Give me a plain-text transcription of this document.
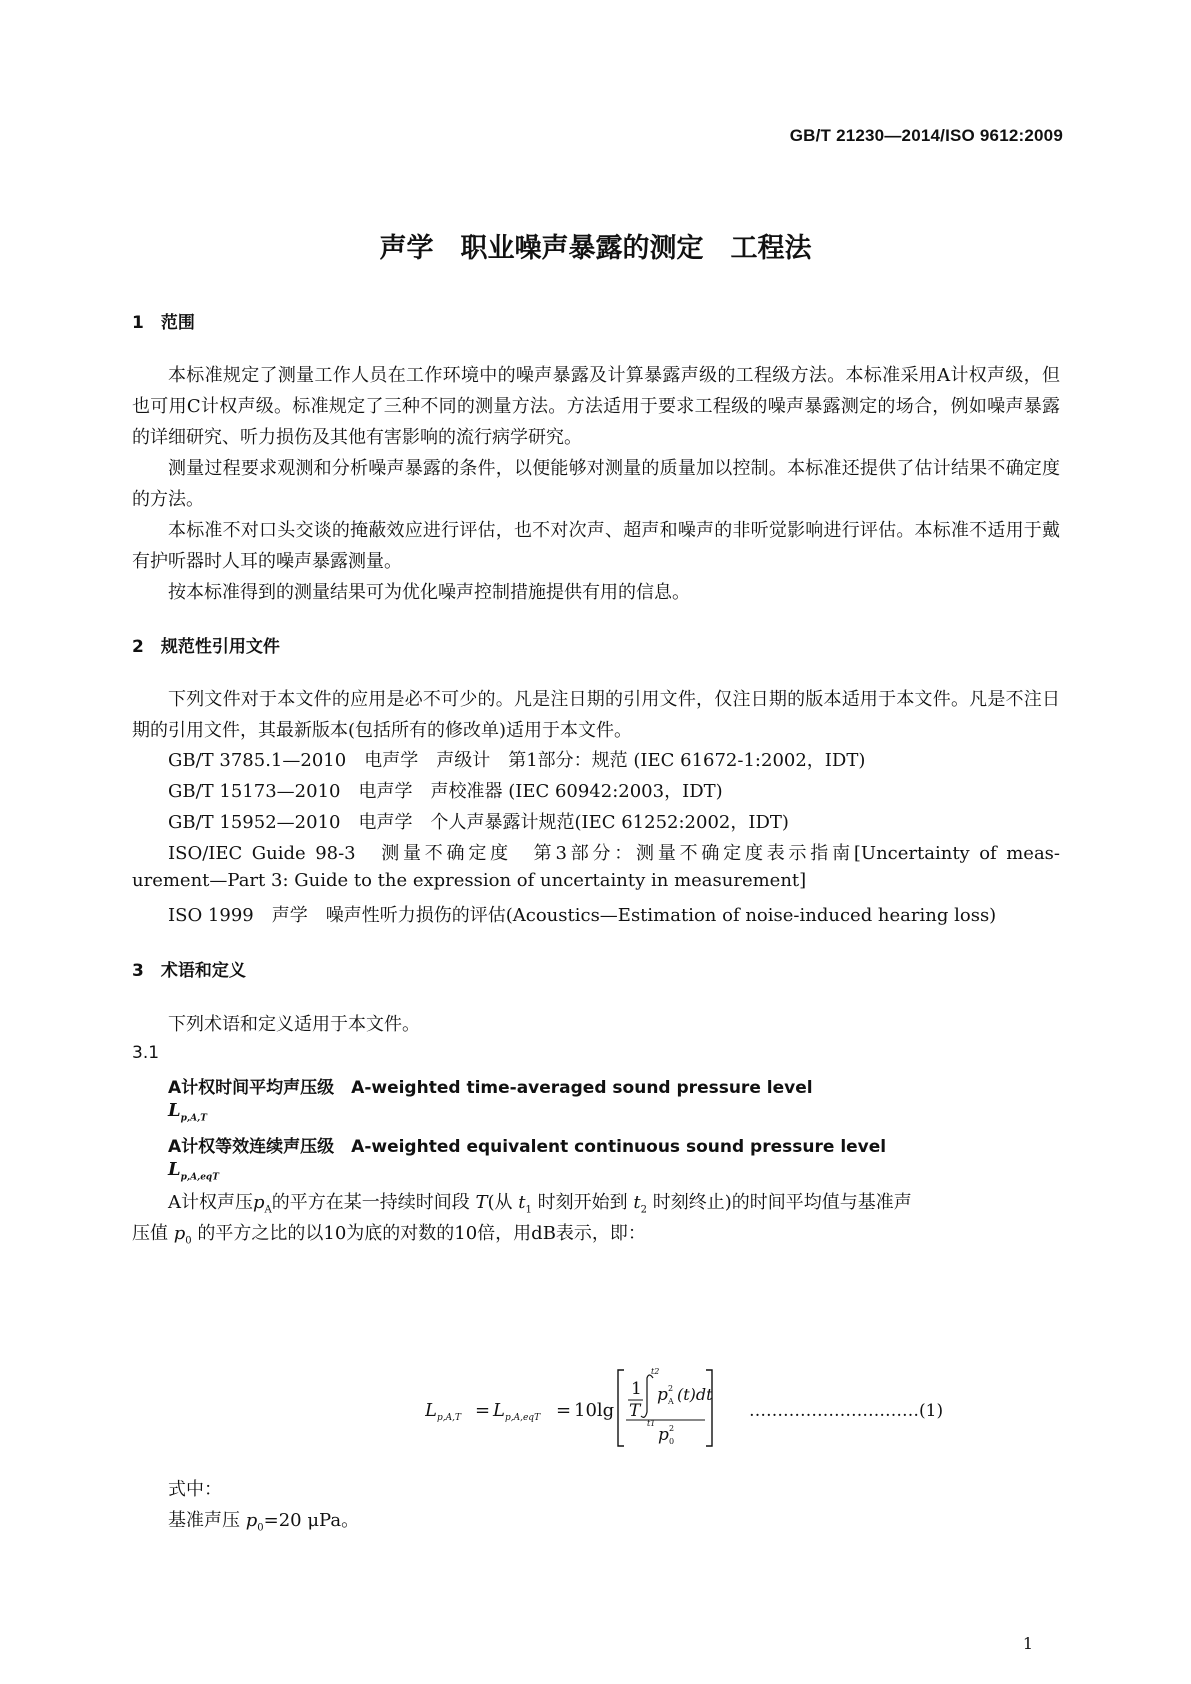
GB/T 21230—2014/ISO 9612:2009
声学　职业噪声暴露的测定　工程法
1　范围
本标准规定了测量工作人员在工作环境中的噪声暴露及计算暴露声级的工程级方法。本标准采用A计权声级，但也可用C计权声级。标准规定了三种不同的测量方法。方法适用于要求工程级的噪声暴露测定的场合，例如噪声暴露的详细研究、听力损伤及其他有害影响的流行病学研究。
测量过程要求观测和分析噪声暴露的条件，以便能够对测量的质量加以控制。本标准还提供了估计结果不确定度的方法。
本标准不对口头交谈的掩蔽效应进行评估，也不对次声、超声和噪声的非听觉影响进行评估。本标准不适用于戴有护听器时人耳的噪声暴露测量。
按本标准得到的测量结果可为优化噪声控制措施提供有用的信息。
2　规范性引用文件
下列文件对于本文件的应用是必不可少的。凡是注日期的引用文件，仅注日期的版本适用于本文件。凡是不注日期的引用文件，其最新版本(包括所有的修改单)适用于本文件。
GB/T 3785.1—2010　电声学　声级计　第1部分：规范 (IEC 61672-1:2002，IDT)
GB/T 15173—2010　电声学　声校准器 (IEC 60942:2003，IDT)
GB/T 15952—2010　电声学　个人声暴露计规范(IEC 61252:2002，IDT)
ISO/IEC Guide 98-3　测量不确定度　第3部分：测量不确定度表示指南[Uncertainty of meas-
urement—Part 3: Guide to the expression of uncertainty in measurement]
ISO 1999　声学　噪声性听力损伤的评估(Acoustics—Estimation of noise-induced hearing loss)
3　术语和定义
下列术语和定义适用于本文件。
3.1
A计权时间平均声压级　A-weighted time-averaged sound pressure level
$L_{p,A,T}$
A计权等效连续声压级　A-weighted equivalent continuous sound pressure level
$L_{p,A,eqT}$
A计权声压$p_A$的平方在某一持续时间段 T(从 $t_1$ 时刻开始到 $t_2$ 时刻终止)的时间平均值与基准声
压值 $p_0$ 的平方之比的以10为底的对数的10倍，用dB表示，即：
L p,A,T = L p,A,eqT = 10lg
1
T
t2
t1
p 2
A (t)dt
p 2
0
…………………………(1)
式中：
基准声压 $p_0=20$ μPa。
1
